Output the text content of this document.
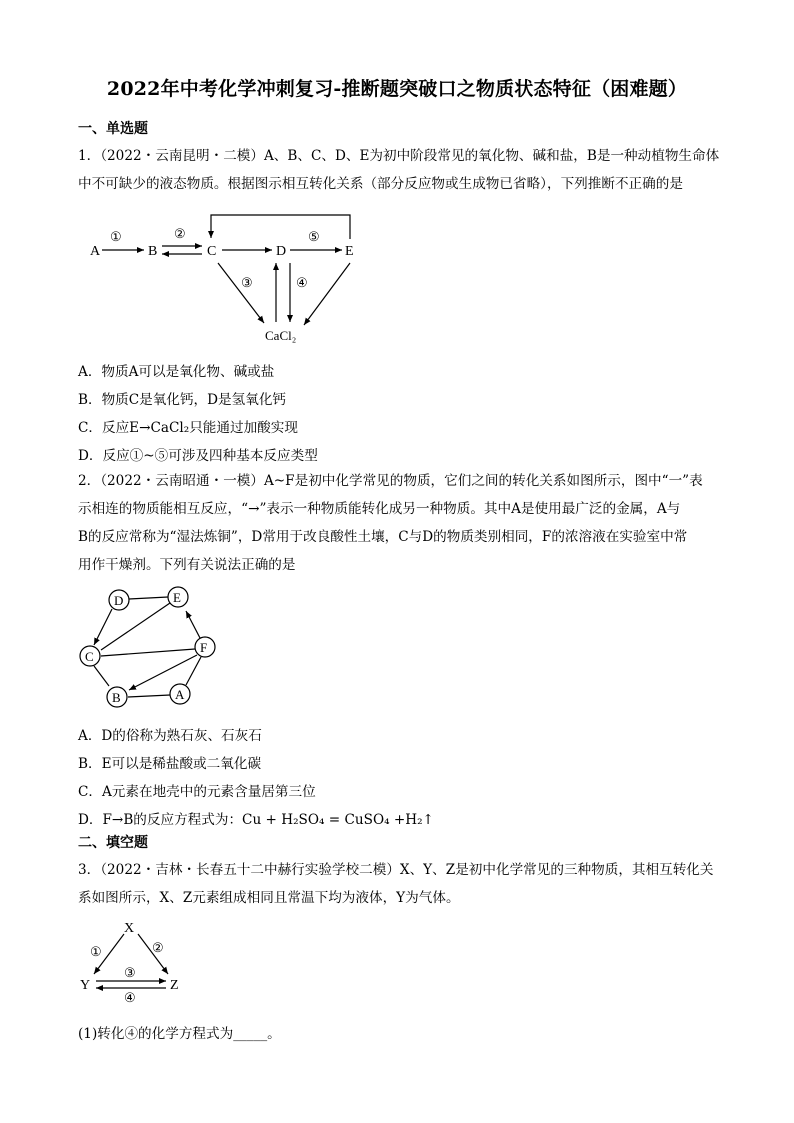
2022年中考化学冲刺复习-推断题突破口之物质状态特征（困难题）
一、单选题
1．（2022・云南昆明・二模）A、B、C、D、E为初中阶段常见的氧化物、碱和盐，B是一种动植物生命体
中不可缺少的液态物质。根据图示相互转化关系（部分反应物或生成物已省略），下列推断不正确的是
A	B	C	D	E
CaCl₂
①	②
③	④
⑤
A．物质A可以是氧化物、碱或盐
B．物质C是氧化钙，D是氢氧化钙
C．反应E→CaCl₂只能通过加酸实现
D．反应①~⑤可涉及四种基本反应类型
2．（2022・云南昭通・一模）A~F是初中化学常见的物质，它们之间的转化关系如图所示，图中“一”表
示相连的物质能相互反应，“→”表示一种物质能转化成另一种物质。其中A是使用最广泛的金属，A与
B的反应常称为“湿法炼铜”，D常用于改良酸性土壤，C与D的物质类别相同，F的浓溶液在实验室中常
用作干燥剂。下列有关说法正确的是
D	E
C
F
B	A
A．D的俗称为熟石灰、石灰石
B．E可以是稀盐酸或二氧化碳
C．A元素在地壳中的元素含量居第三位
D．F→B的反应方程式为：Cu + H₂SO₄ = CuSO₄ +H₂↑
二、填空题
3．（2022・吉林・长春五十二中赫行实验学校二模）X、Y、Z是初中化学常见的三种物质，其相互转化关
系如图所示，X、Z元素组成相同且常温下均为液体，Y为气体。
X
Y	Z
①	②
③
④
(1)转化④的化学方程式为_____。
